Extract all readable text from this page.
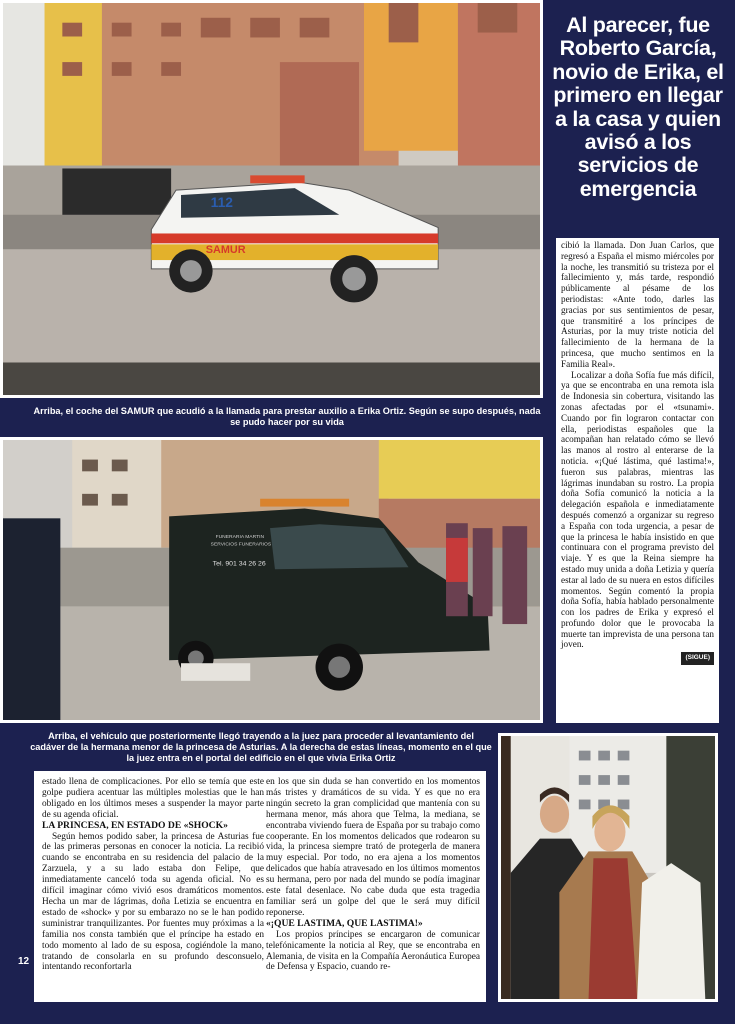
112
SAMUR
Al parecer, fue Roberto García, novio de Erika, el primero en llegar a la casa y quien avisó a los servicios de emergencia

cibió la llamada. Don Juan Carlos, que regresó a España el mismo miércoles por la noche, les transmitió su tristeza por el fallecimiento y, más tarde, respondió públicamente al pésame de los periodistas: «Ante todo, darles las gracias por sus sentimientos de pesar, que transmitiré a los príncipes de Asturias, por la muy triste noticia del fallecimiento de la hermana de la princesa, que mucho sentimos en la Familia Real».

Localizar a doña Sofía fue más difícil, ya que se encontraba en una remota isla de Indonesia sin cobertura, visitando las zonas afectadas por el «tsunami». Cuando por fin lograron contactar con ella, periodistas españoles que la acompañan han relatado cómo se llevó las manos al rostro al enterarse de la noticia. «¡Qué lástima, qué lastima!», fueron sus palabras, mientras las lágrimas inundaban su rostro. La propia doña Sofía comunicó la noticia a la delegación española e inmediatamente después comenzó a organizar su regreso a España con toda urgencia, a pesar de que la princesa le había insistido en que continuara con el programa previsto del viaje. Y es que la Reina siempre ha estado muy unida a doña Letizia y quería estar al lado de su nuera en estos difíciles momentos. Según comentó la propia doña Sofía, había hablado personalmente con los padres de Erika y expresó el profundo dolor que le provocaba la muerte tan imprevista de una persona tan joven.

(SIGUE)
Arriba, el coche del SAMUR que acudió a la llamada para prestar auxilio a Erika Ortiz. Según se supo después, nada se pudo hacer por su vida
FUNERARIA MARTIN
SERVICIOS FUNERARIOS
Tel. 901 34 26 26
Arriba, el vehículo que posteriormente llegó trayendo a la juez para proceder al levantamiento del cadáver de la hermana menor de la princesa de Asturias. A la derecha de estas líneas, momento en el que la juez entra en el portal del edificio en el que vivía Erika Ortiz

estado llena de complicaciones. Por ello se temía que este golpe pudiera acentuar las múltiples molestias que le han obligado en los últimos meses a suspender la mayor parte de su agenda oficial.

LA PRINCESA, EN ESTADO DE «SHOCK»

Según hemos podido saber, la princesa de Asturias fue de las primeras personas en conocer la noticia. La recibió cuando se encontraba en su residencia del palacio de la Zarzuela, y a su lado estaba don Felipe, que inmediatamente canceló toda su agenda oficial. No es difícil imaginar cómo vivió esos dramáticos momentos. Hecha un mar de lágrimas, doña Letizia se encuentra en estado de «shock» y por su embarazo no se le han podido suministrar tranquilizantes. Por fuentes muy próximas a la familia nos consta también que el príncipe ha estado en todo momento al lado de su esposa, cogiéndole la mano, tratando de consolarla en su profundo desconsuelo, intentando reconfortarla

en los que sin duda se han convertido en los momentos más tristes y dramáticos de su vida. Y es que no era ningún secreto la gran complicidad que mantenía con su hermana menor, más ahora que Telma, la mediana, se encontraba viviendo fuera de España por su trabajo como cooperante. En los momentos delicados que rodearon su vida, la princesa siempre trató de protegerla de manera muy especial. Por todo, no era ajena a los momentos delicados que había atravesado en los últimos momentos su hermana, pero por nada del mundo se podía imaginar este fatal desenlace. No cabe duda que esta tragedia familiar será un golpe del que le será muy difícil reponerse.

«¡QUE LASTIMA, QUE LASTIMA!»

Los propios príncipes se encargaron de comunicar telefónicamente la noticia al Rey, que se encontraba en Alemania, de visita en la Compañía Aeronáutica Europea de Defensa y Espacio, cuando re-

12
